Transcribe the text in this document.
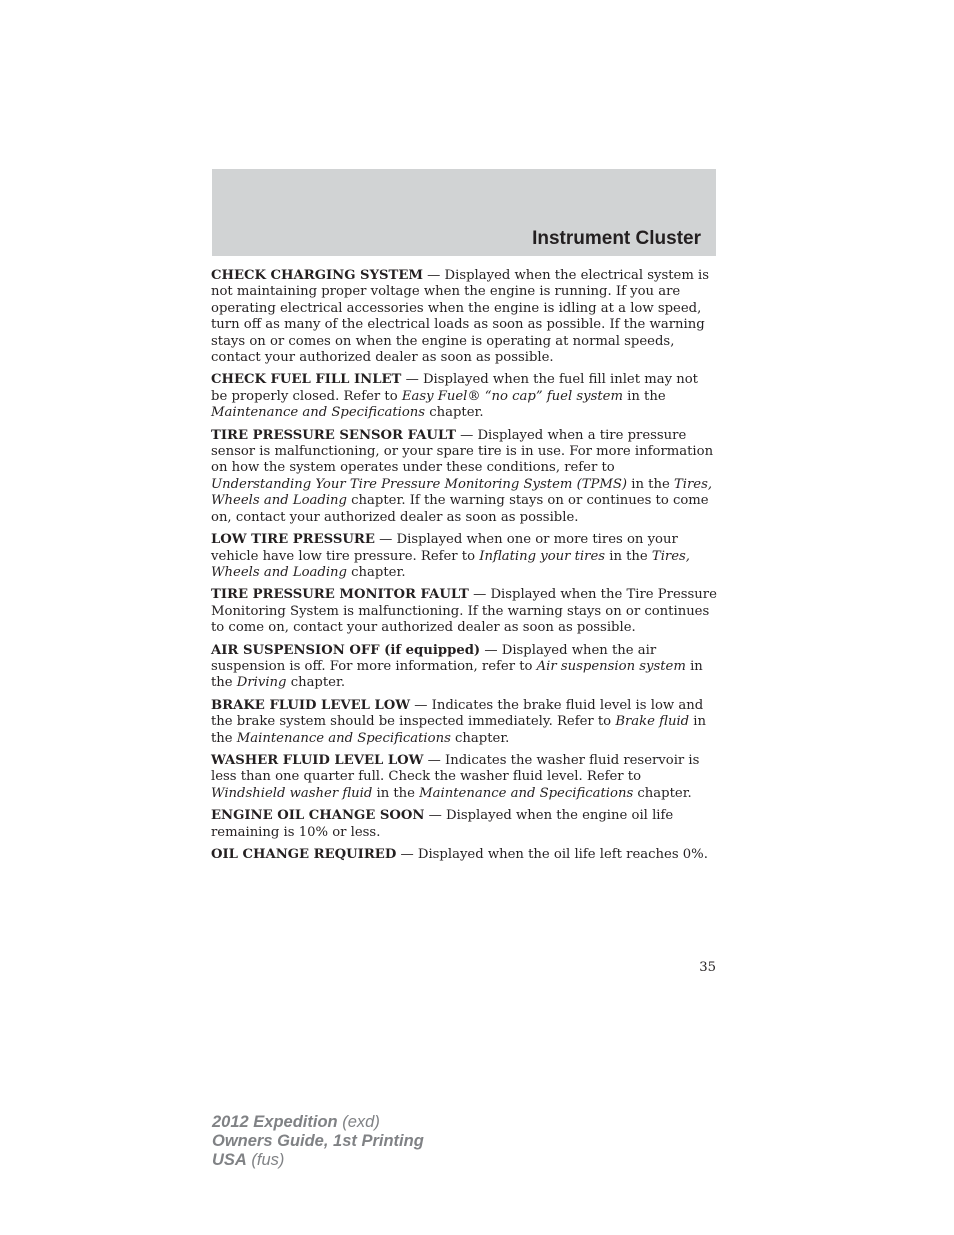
Instrument Cluster

CHECK CHARGING SYSTEM — Displayed when the electrical system is not maintaining proper voltage when the engine is running. If you are operating electrical accessories when the engine is idling at a low speed, turn off as many of the electrical loads as soon as possible. If the warning stays on or comes on when the engine is operating at normal speeds, contact your authorized dealer as soon as possible.

CHECK FUEL FILL INLET — Displayed when the fuel fill inlet may not be properly closed. Refer to Easy Fuel® “no cap” fuel system in the Maintenance and Specifications chapter.

TIRE PRESSURE SENSOR FAULT — Displayed when a tire pressure sensor is malfunctioning, or your spare tire is in use. For more information on how the system operates under these conditions, refer to Understanding Your Tire Pressure Monitoring System (TPMS) in the Tires, Wheels and Loading chapter. If the warning stays on or continues to come on, contact your authorized dealer as soon as possible.

LOW TIRE PRESSURE — Displayed when one or more tires on your vehicle have low tire pressure. Refer to Inflating your tires in the Tires, Wheels and Loading chapter.

TIRE PRESSURE MONITOR FAULT — Displayed when the Tire Pressure Monitoring System is malfunctioning. If the warning stays on or continues to come on, contact your authorized dealer as soon as possible.

AIR SUSPENSION OFF (if equipped) — Displayed when the air suspension is off. For more information, refer to Air suspension system in the Driving chapter.

BRAKE FLUID LEVEL LOW — Indicates the brake fluid level is low and the brake system should be inspected immediately. Refer to Brake fluid in the Maintenance and Specifications chapter.

WASHER FLUID LEVEL LOW — Indicates the washer fluid reservoir is less than one quarter full. Check the washer fluid level. Refer to Windshield washer fluid in the Maintenance and Specifications chapter.

ENGINE OIL CHANGE SOON — Displayed when the engine oil life remaining is 10% or less.

OIL CHANGE REQUIRED — Displayed when the oil life left reaches 0%.

35
2012 Expedition (exd)
Owners Guide, 1st Printing
USA (fus)
